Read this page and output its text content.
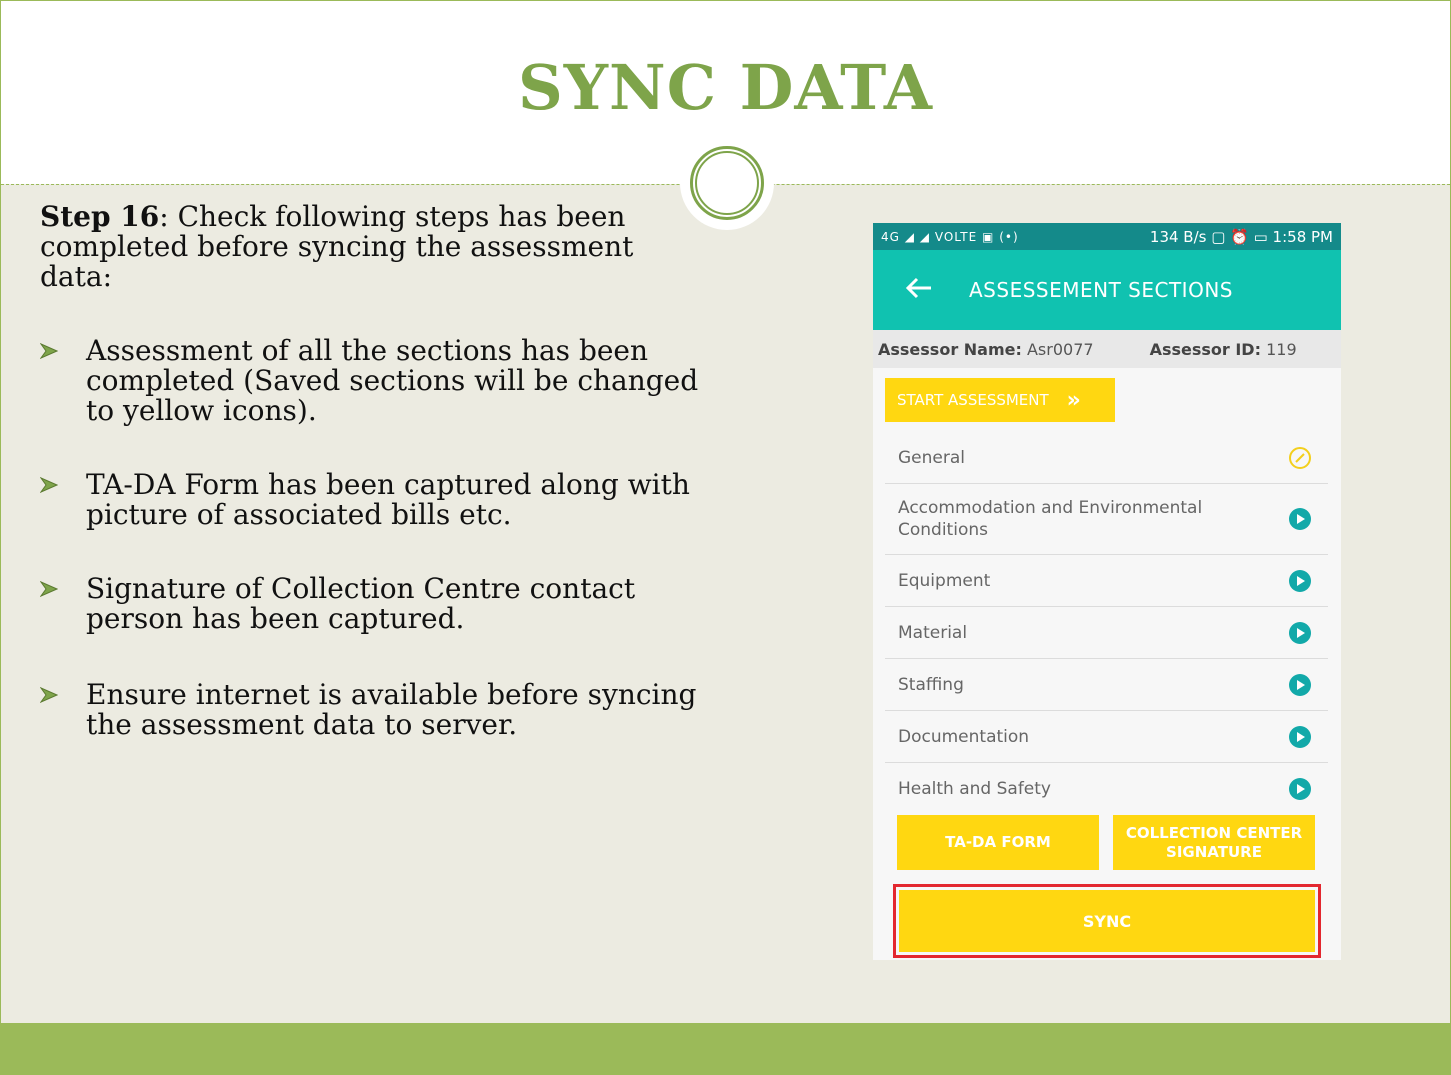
SYNC DATA
Step 16: Check following steps has been completed before syncing the assessment data:
Assessment of all the sections has been completed (Saved sections will be changed to yellow icons).
TA-DA Form has been captured along with picture of associated bills etc.
Signature of Collection Centre contact person has been captured.
Ensure internet is available before syncing the assessment data to server.
4G ◢ ◢ VOLTE ▣ (•)	134 B/s ▢ ⏰ ▭ 1:58 PM
ASSESSEMENT SECTIONS
Assessor Name:
Asr0077	Assessor ID:
119
START ASSESSMENT »
General
Accommodation and Environmental Conditions
Equipment
Material
Staffing
Documentation
Health and Safety
TA-DA FORM
COLLECTION CENTER SIGNATURE
SYNC
